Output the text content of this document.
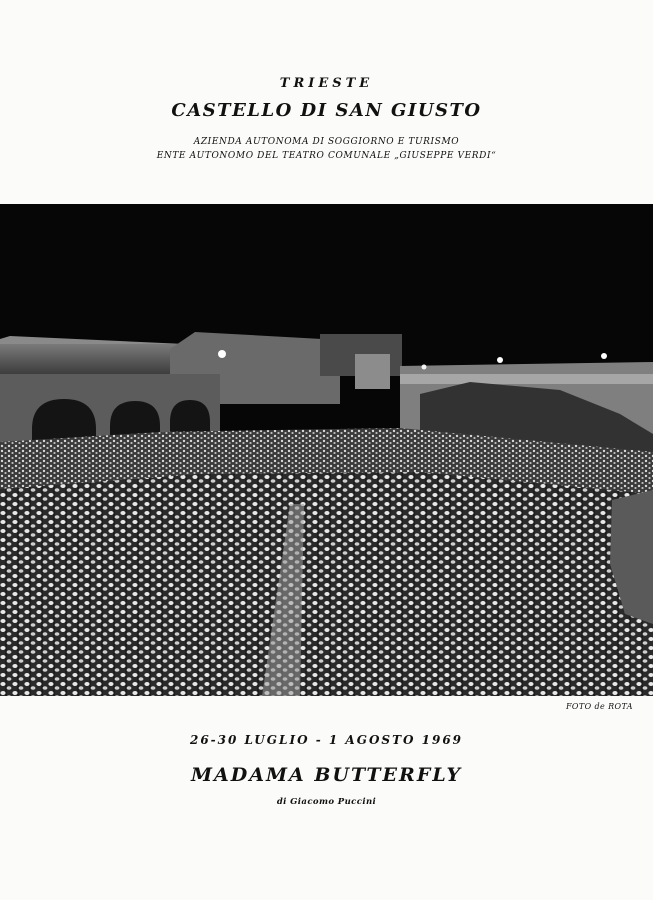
TRIESTE
CASTELLO DI SAN GIUSTO
AZIENDA AUTONOMA DI SOGGIORNO E TURISMO
ENTE AUTONOMO DEL TEATRO COMUNALE „GIUSEPPE VERDI“
FOTO de ROTA
26-30 LUGLIO - 1 AGOSTO 1969
MADAMA BUTTERFLY
di Giacomo Puccini
